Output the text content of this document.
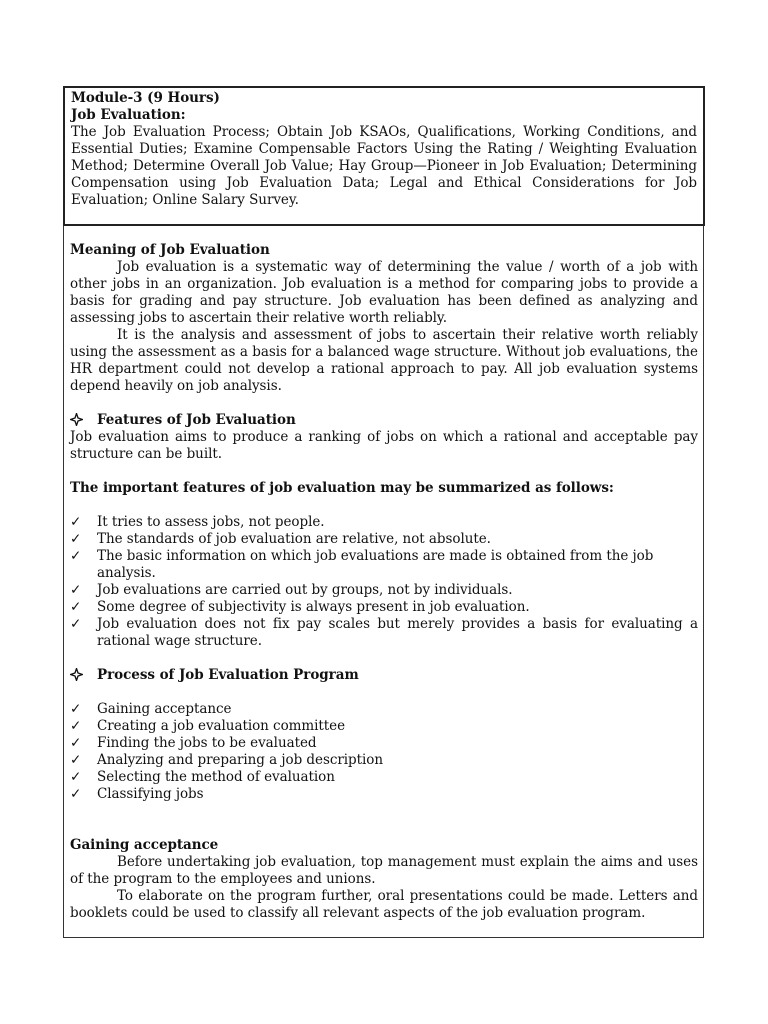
Module-3 (9 Hours)
Job Evaluation:
The Job Evaluation Process; Obtain Job KSAOs, Qualifications, Working Conditions, and Essential Duties; Examine Compensable Factors Using the Rating / Weighting Evaluation Method; Determine Overall Job Value; Hay Group—Pioneer in Job Evaluation; Determining Compensation using Job Evaluation Data; Legal and Ethical Considerations for Job Evaluation; Online Salary Survey.
Meaning of Job Evaluation
Job evaluation is a systematic way of determining the value / worth of a job with other jobs in an organization. Job evaluation is a method for comparing jobs to provide a basis for grading and pay structure. Job evaluation has been defined as analyzing and assessing jobs to ascertain their relative worth reliably.
It is the analysis and assessment of jobs to ascertain their relative worth reliably using the assessment as a basis for a balanced wage structure. Without job evaluations, the HR department could not develop a rational approach to pay. All job evaluation systems depend heavily on job analysis.
Features of Job Evaluation
Job evaluation aims to produce a ranking of jobs on which a rational and acceptable pay structure can be built.
The important features of job evaluation may be summarized as follows:
✓ It tries to assess jobs, not people.
✓ The standards of job evaluation are relative, not absolute.
✓ The basic information on which job evaluations are made is obtained from the job analysis.
✓ Job evaluations are carried out by groups, not by individuals.
✓ Some degree of subjectivity is always present in job evaluation.
✓ Job evaluation does not fix pay scales but merely provides a basis for evaluating a rational wage structure.
Process of Job Evaluation Program
✓ Gaining acceptance
✓ Creating a job evaluation committee
✓ Finding the jobs to be evaluated
✓ Analyzing and preparing a job description
✓ Selecting the method of evaluation
✓ Classifying jobs
Gaining acceptance
Before undertaking job evaluation, top management must explain the aims and uses of the program to the employees and unions.
To elaborate on the program further, oral presentations could be made. Letters and booklets could be used to classify all relevant aspects of the job evaluation program.
